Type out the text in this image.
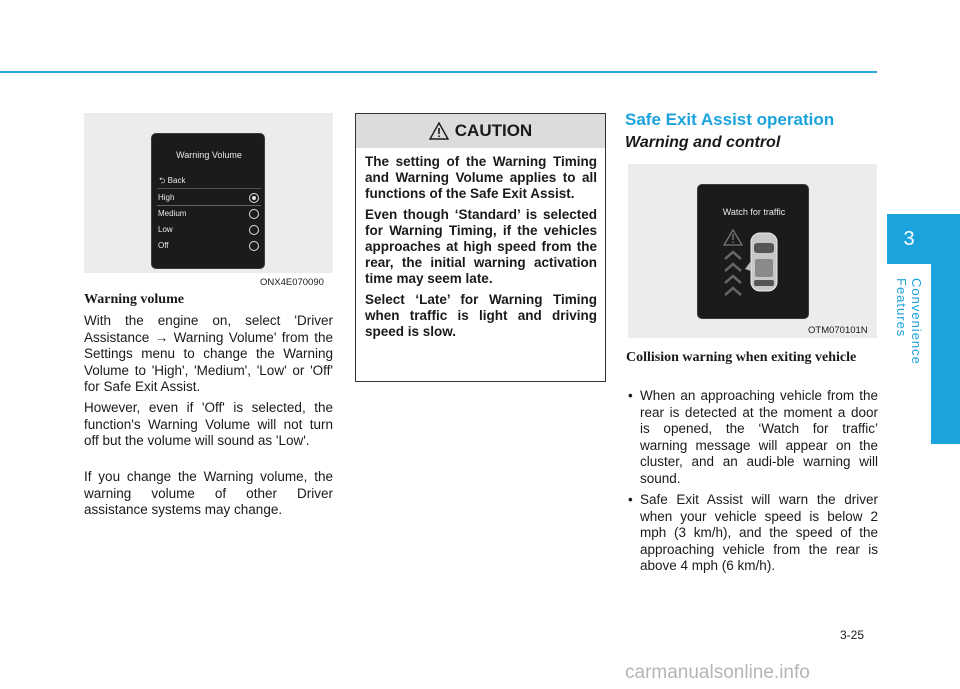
3
Convenience Features
Warning Volume
⮌ Back
High
Medium
Low
Off
ONX4E070090
Warning volume
With the engine on, select 'Driver Assistance → Warning Volume' from the Settings menu to change the Warning Volume to 'High', 'Medium', 'Low' or 'Off' for Safe Exit Assist.
However, even if 'Off' is selected, the function's Warning Volume will not turn off but the volume will sound as 'Low'.
If you change the Warning volume, the warning volume of other Driver assistance systems may change.
CAUTION

The setting of the Warning Timing and Warning Volume applies to all functions of the Safe Exit Assist.

Even though ‘Standard’ is selected for Warning Timing, if the vehicles approaches at high speed from the rear, the initial warning activation time may seem late.

Select ‘Late’ for Warning Timing when traffic is light and driving speed is slow.

Safe Exit Assist operation
Warning and control
Watch for traffic
OTM070101N
Collision warning when exiting vehicle
• When an approaching vehicle from the rear is detected at the moment a door is opened, the ‘Watch for traffic’ warning message will appear on the cluster, and an audi-ble warning will sound.
• Safe Exit Assist will warn the driver when your vehicle speed is below 2 mph (3 km/h), and the speed of the approaching vehicle from the rear is above 4 mph (6 km/h).
3-25
carmanualsonline.info
